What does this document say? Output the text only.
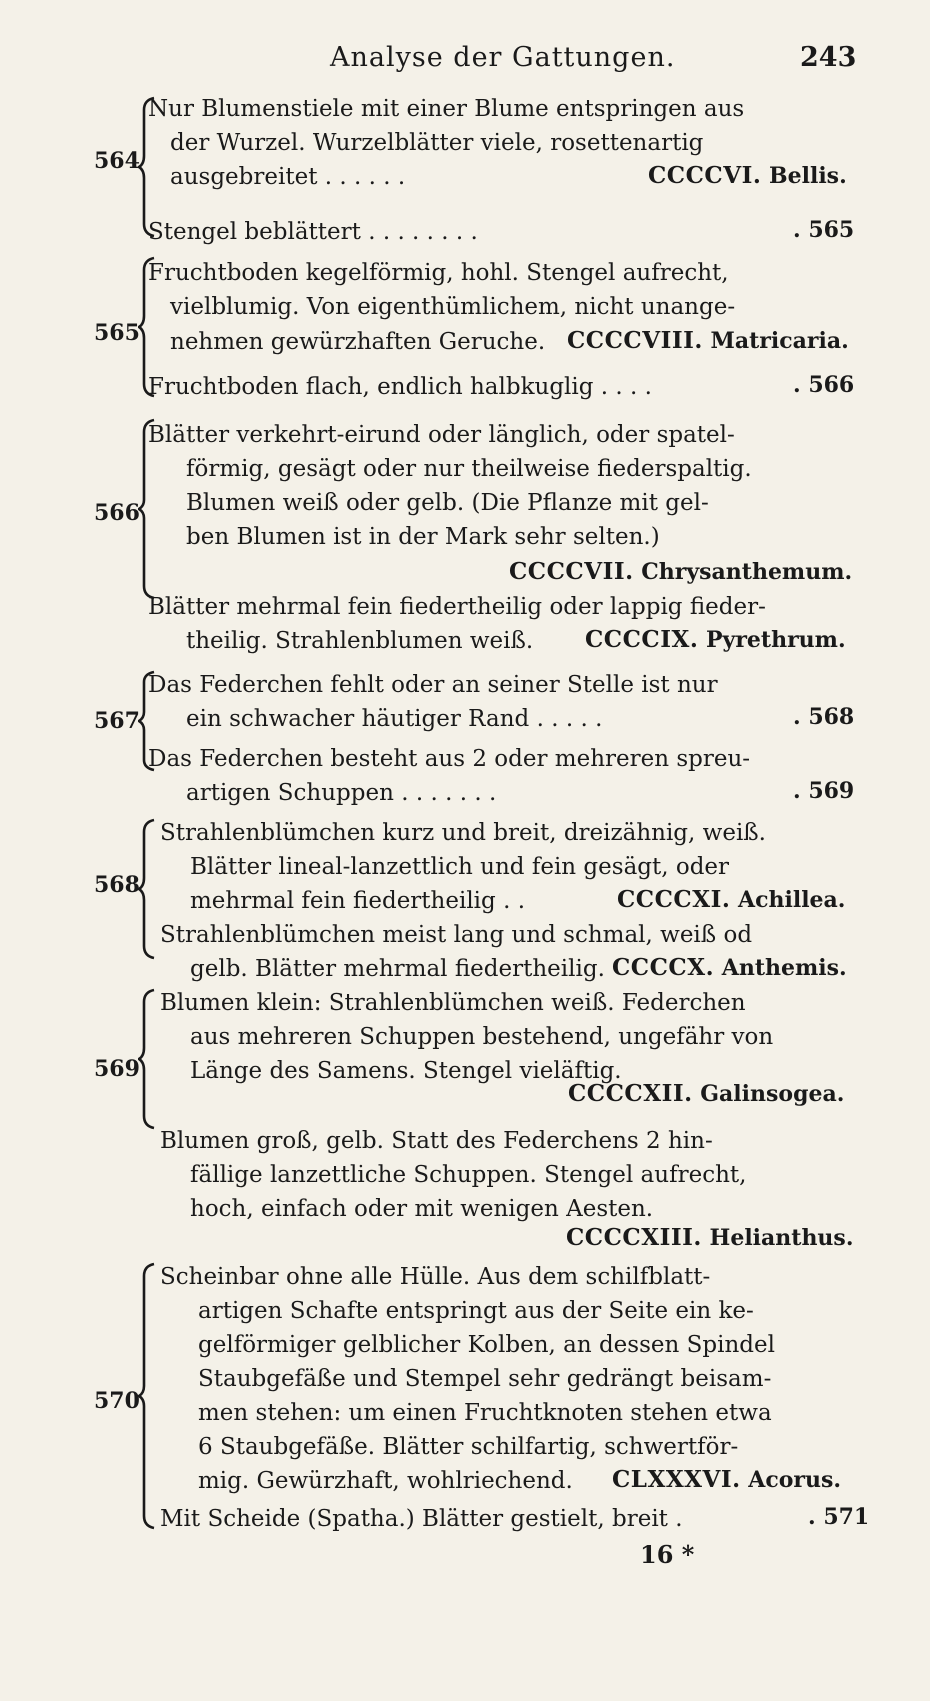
Analyse der Gattungen.	243
564
Nur Blumenstiele mit einer Blume entspringen aus
der Wurzel. Wurzelblätter viele, rosettenartig
ausgebreitet . . . . . .	CCCCVI. Bellis.
Stengel beblättert . . . . . . . .	. 565
565
Fruchtboden kegelförmig, hohl. Stengel aufrecht,
vielblumig. Von eigenthümlichem, nicht unange-
nehmen gewürzhaften Geruche. CCCCVIII. Matricaria.
Fruchtboden flach, endlich halbkuglig . . . .	. 566
566
Blätter verkehrt-eirund oder länglich, oder spatel-
förmig, gesägt oder nur theilweise fiederspaltig.
Blumen weiß oder gelb. (Die Pflanze mit gel-
ben Blumen ist in der Mark sehr selten.)
CCCCVII. Chrysanthemum.
Blätter mehrmal fein fiedertheilig oder lappig fieder-
theilig. Strahlenblumen weiß. CCCCIX. Pyrethrum.
567
Das Federchen fehlt oder an seiner Stelle ist nur
ein schwacher häutiger Rand . . . . .	. 568
Das Federchen besteht aus 2 oder mehreren spreu-
artigen Schuppen . . . . . . .	. 569
568
Strahlenblümchen kurz und breit, dreizähnig, weiß.
Blätter lineal-lanzettlich und fein gesägt, oder
mehrmal fein fiedertheilig . .	CCCCXI. Achillea.
Strahlenblümchen meist lang und schmal, weiß od
gelb. Blätter mehrmal fiedertheilig. CCCCX. Anthemis.
569
Blumen klein: Strahlenblümchen weiß. Federchen
aus mehreren Schuppen bestehend, ungefähr von
Länge des Samens. Stengel vieläftig.
CCCCXII. Galinsogea.
Blumen groß, gelb. Statt des Federchens 2 hin-
fällige lanzettliche Schuppen. Stengel aufrecht,
hoch, einfach oder mit wenigen Aesten.
CCCCXIII. Helianthus.
570
Scheinbar ohne alle Hülle. Aus dem schilfblatt-
artigen Schafte entspringt aus der Seite ein ke-
gelförmiger gelblicher Kolben, an dessen Spindel
Staubgefäße und Stempel sehr gedrängt beisam-
men stehen: um einen Fruchtknoten stehen etwa
6 Staubgefäße. Blätter schilfartig, schwertför-
mig. Gewürzhaft, wohlriechend. CLXXXVI. Acorus.
Mit Scheide (Spatha.) Blätter gestielt, breit .	. 571
16 *
